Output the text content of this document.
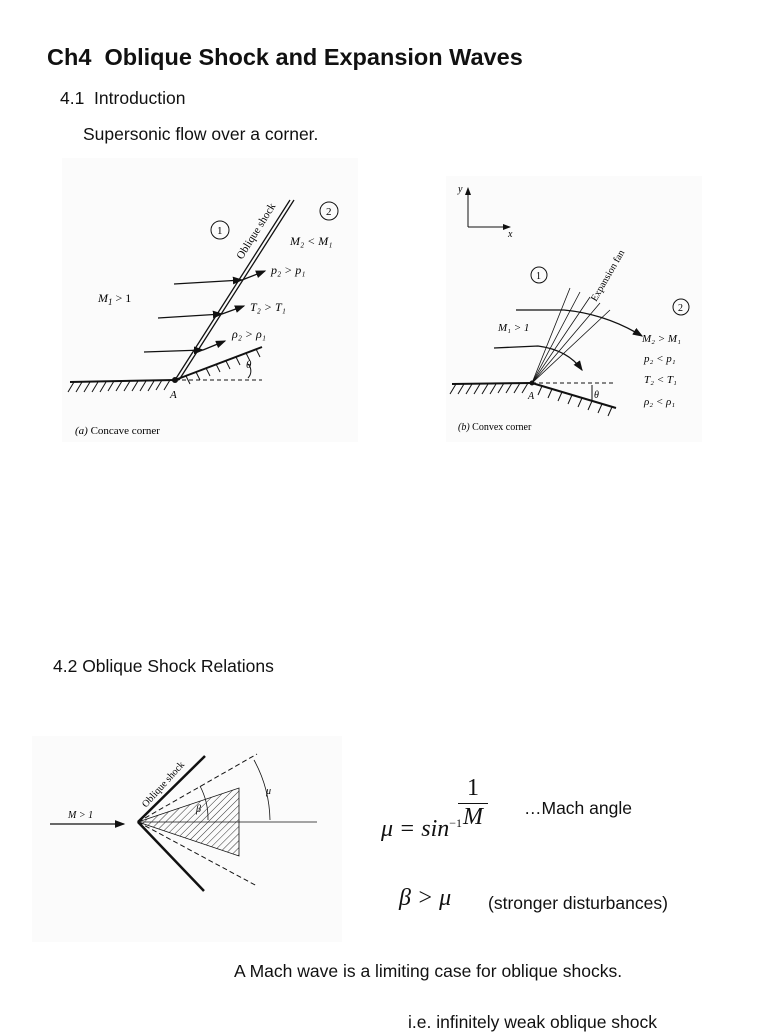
Ch4  Oblique Shock and Expansion Waves
4.1  Introduction
Supersonic flow over a corner.
θ
A
Oblique shock
1
2
$M_1 > 1$
M₂ < M₁
p₂ > p₁
T₂ > T₁
ρ₂ > ρ₁
(a) Concave corner
y
x
θ
A
Expansion fan
1
2
M₁ > 1
M₂ > M₁
p₂ < p₁
T₂ < T₁
ρ₂ < ρ₁
(b) Convex corner
4.2 Oblique Shock Relations
M > 1
β
μ
Oblique shock

$\mu = \sin^{-1}$

1
M …Mach angle
β > μ (stronger disturbances)
A Mach wave is a limiting case for oblique shocks.
i.e. infinitely weak oblique shock
